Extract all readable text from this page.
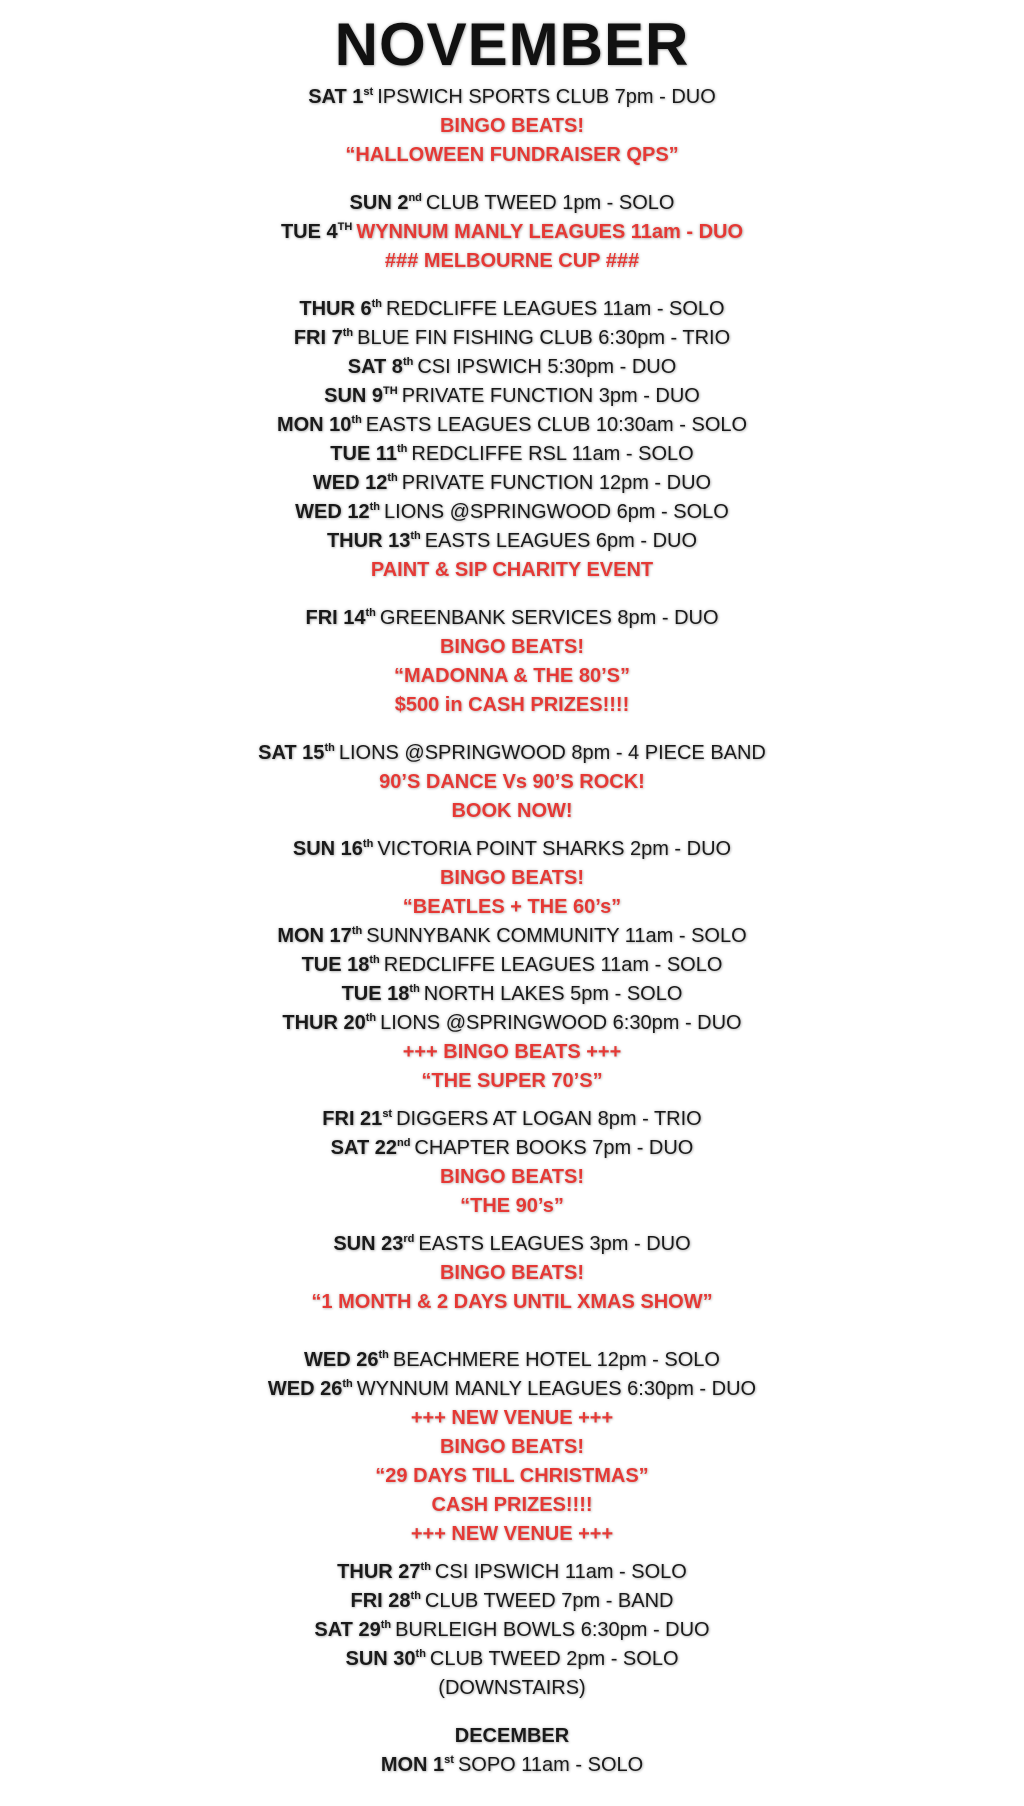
NOVEMBER
SAT 1st IPSWICH SPORTS CLUB 7pm - DUO
BINGO BEATS!
“HALLOWEEN FUNDRAISER QPS”
SUN 2nd CLUB TWEED 1pm - SOLO
TUE 4TH WYNNUM MANLY LEAGUES 11am - DUO
### MELBOURNE CUP ###
THUR 6th REDCLIFFE LEAGUES 11am - SOLO
FRI 7th BLUE FIN FISHING CLUB 6:30pm - TRIO
SAT 8th CSI IPSWICH 5:30pm - DUO
SUN 9TH PRIVATE FUNCTION 3pm - DUO
MON 10th EASTS LEAGUES CLUB 10:30am - SOLO
TUE 11th REDCLIFFE RSL 11am - SOLO
WED 12th PRIVATE FUNCTION 12pm - DUO
WED 12th LIONS @SPRINGWOOD 6pm - SOLO
THUR 13th EASTS LEAGUES 6pm - DUO
PAINT & SIP CHARITY EVENT
FRI 14th GREENBANK SERVICES 8pm - DUO
BINGO BEATS!
“MADONNA & THE 80’S”
$500 in CASH PRIZES!!!!
SAT 15th LIONS @SPRINGWOOD 8pm - 4 PIECE BAND
90’S DANCE Vs 90’S ROCK!
BOOK NOW!
SUN 16th VICTORIA POINT SHARKS 2pm - DUO
BINGO BEATS!
“BEATLES + THE 60’s”
MON 17th SUNNYBANK COMMUNITY 11am - SOLO
TUE 18th REDCLIFFE LEAGUES 11am - SOLO
TUE 18th NORTH LAKES 5pm - SOLO
THUR 20th LIONS @SPRINGWOOD 6:30pm - DUO
+++ BINGO BEATS +++
“THE SUPER 70’S”
FRI 21st DIGGERS AT LOGAN 8pm - TRIO
SAT 22nd CHAPTER BOOKS 7pm - DUO
BINGO BEATS!
“THE 90’s”
SUN 23rd EASTS LEAGUES 3pm - DUO
BINGO BEATS!
“1 MONTH & 2 DAYS UNTIL XMAS SHOW”
WED 26th BEACHMERE HOTEL 12pm - SOLO
WED 26th WYNNUM MANLY LEAGUES 6:30pm - DUO
+++ NEW VENUE +++
BINGO BEATS!
“29 DAYS TILL CHRISTMAS”
CASH PRIZES!!!!
+++ NEW VENUE +++
THUR 27th CSI IPSWICH 11am - SOLO
FRI 28th CLUB TWEED 7pm - BAND
SAT 29th BURLEIGH BOWLS 6:30pm - DUO
SUN 30th CLUB TWEED 2pm - SOLO
(DOWNSTAIRS)
DECEMBER
MON 1st SOPO 11am - SOLO
